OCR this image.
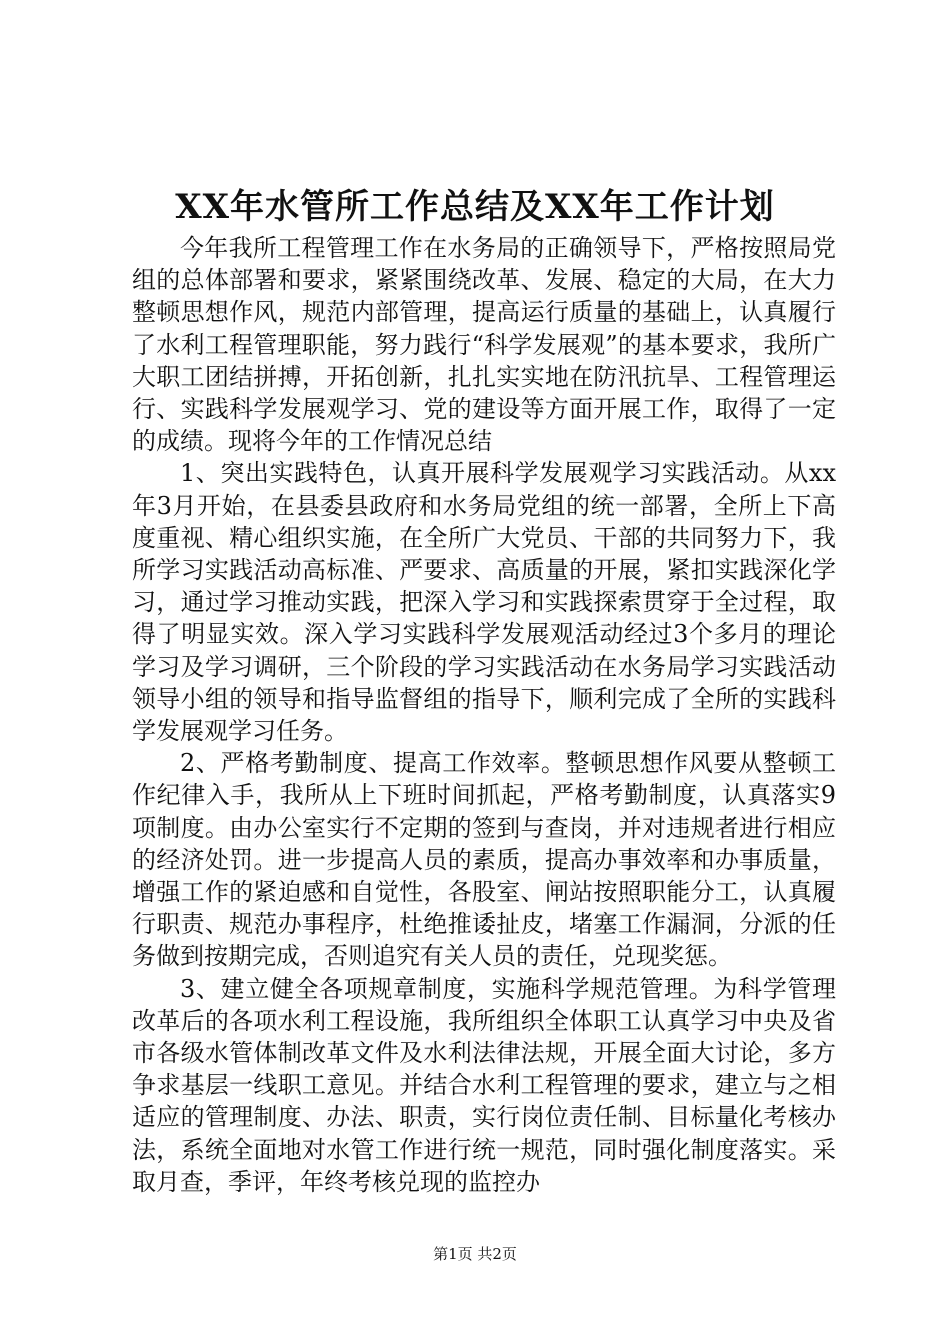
XX年水管所工作总结及XX年工作计划

今年我所工程管理工作在水务局的正确领导下，严格按照局党组的总体部署和要求，紧紧围绕改革、发展、稳定的大局，在大力整顿思想作风，规范内部管理，提高运行质量的基础上，认真履行了水利工程管理职能，努力践行“科学发展观”的基本要求，我所广大职工团结拼搏，开拓创新，扎扎实实地在防汛抗旱、工程管理运行、实践科学发展观学习、党的建设等方面开展工作，取得了一定的成绩。现将今年的工作情况总结

1、突出实践特色，认真开展科学发展观学习实践活动。从xx年3月开始，在县委县政府和水务局党组的统一部署，全所上下高度重视、精心组织实施，在全所广大党员、干部的共同努力下，我所学习实践活动高标准、严要求、高质量的开展，紧扣实践深化学习，通过学习推动实践，把深入学习和实践探索贯穿于全过程，取得了明显实效。深入学习实践科学发展观活动经过3个多月的理论学习及学习调研，三个阶段的学习实践活动在水务局学习实践活动领导小组的领导和指导监督组的指导下，顺利完成了全所的实践科学发展观学习任务。

2、严格考勤制度、提高工作效率。整顿思想作风要从整顿工作纪律入手，我所从上下班时间抓起，严格考勤制度，认真落实9项制度。由办公室实行不定期的签到与查岗，并对违规者进行相应的经济处罚。进一步提高人员的素质，提高办事效率和办事质量，增强工作的紧迫感和自觉性，各股室、闸站按照职能分工，认真履行职责、规范办事程序，杜绝推诿扯皮，堵塞工作漏洞，分派的任务做到按期完成，否则追究有关人员的责任，兑现奖惩。

3、建立健全各项规章制度，实施科学规范管理。为科学管理改革后的各项水利工程设施，我所组织全体职工认真学习中央及省市各级水管体制改革文件及水利法律法规，开展全面大讨论，多方争求基层一线职工意见。并结合水利工程管理的要求，建立与之相适应的管理制度、办法、职责，实行岗位责任制、目标量化考核办法，系统全面地对水管工作进行统一规范，同时强化制度落实。采取月查，季评，年终考核兑现的监控办

第1页 共2页
